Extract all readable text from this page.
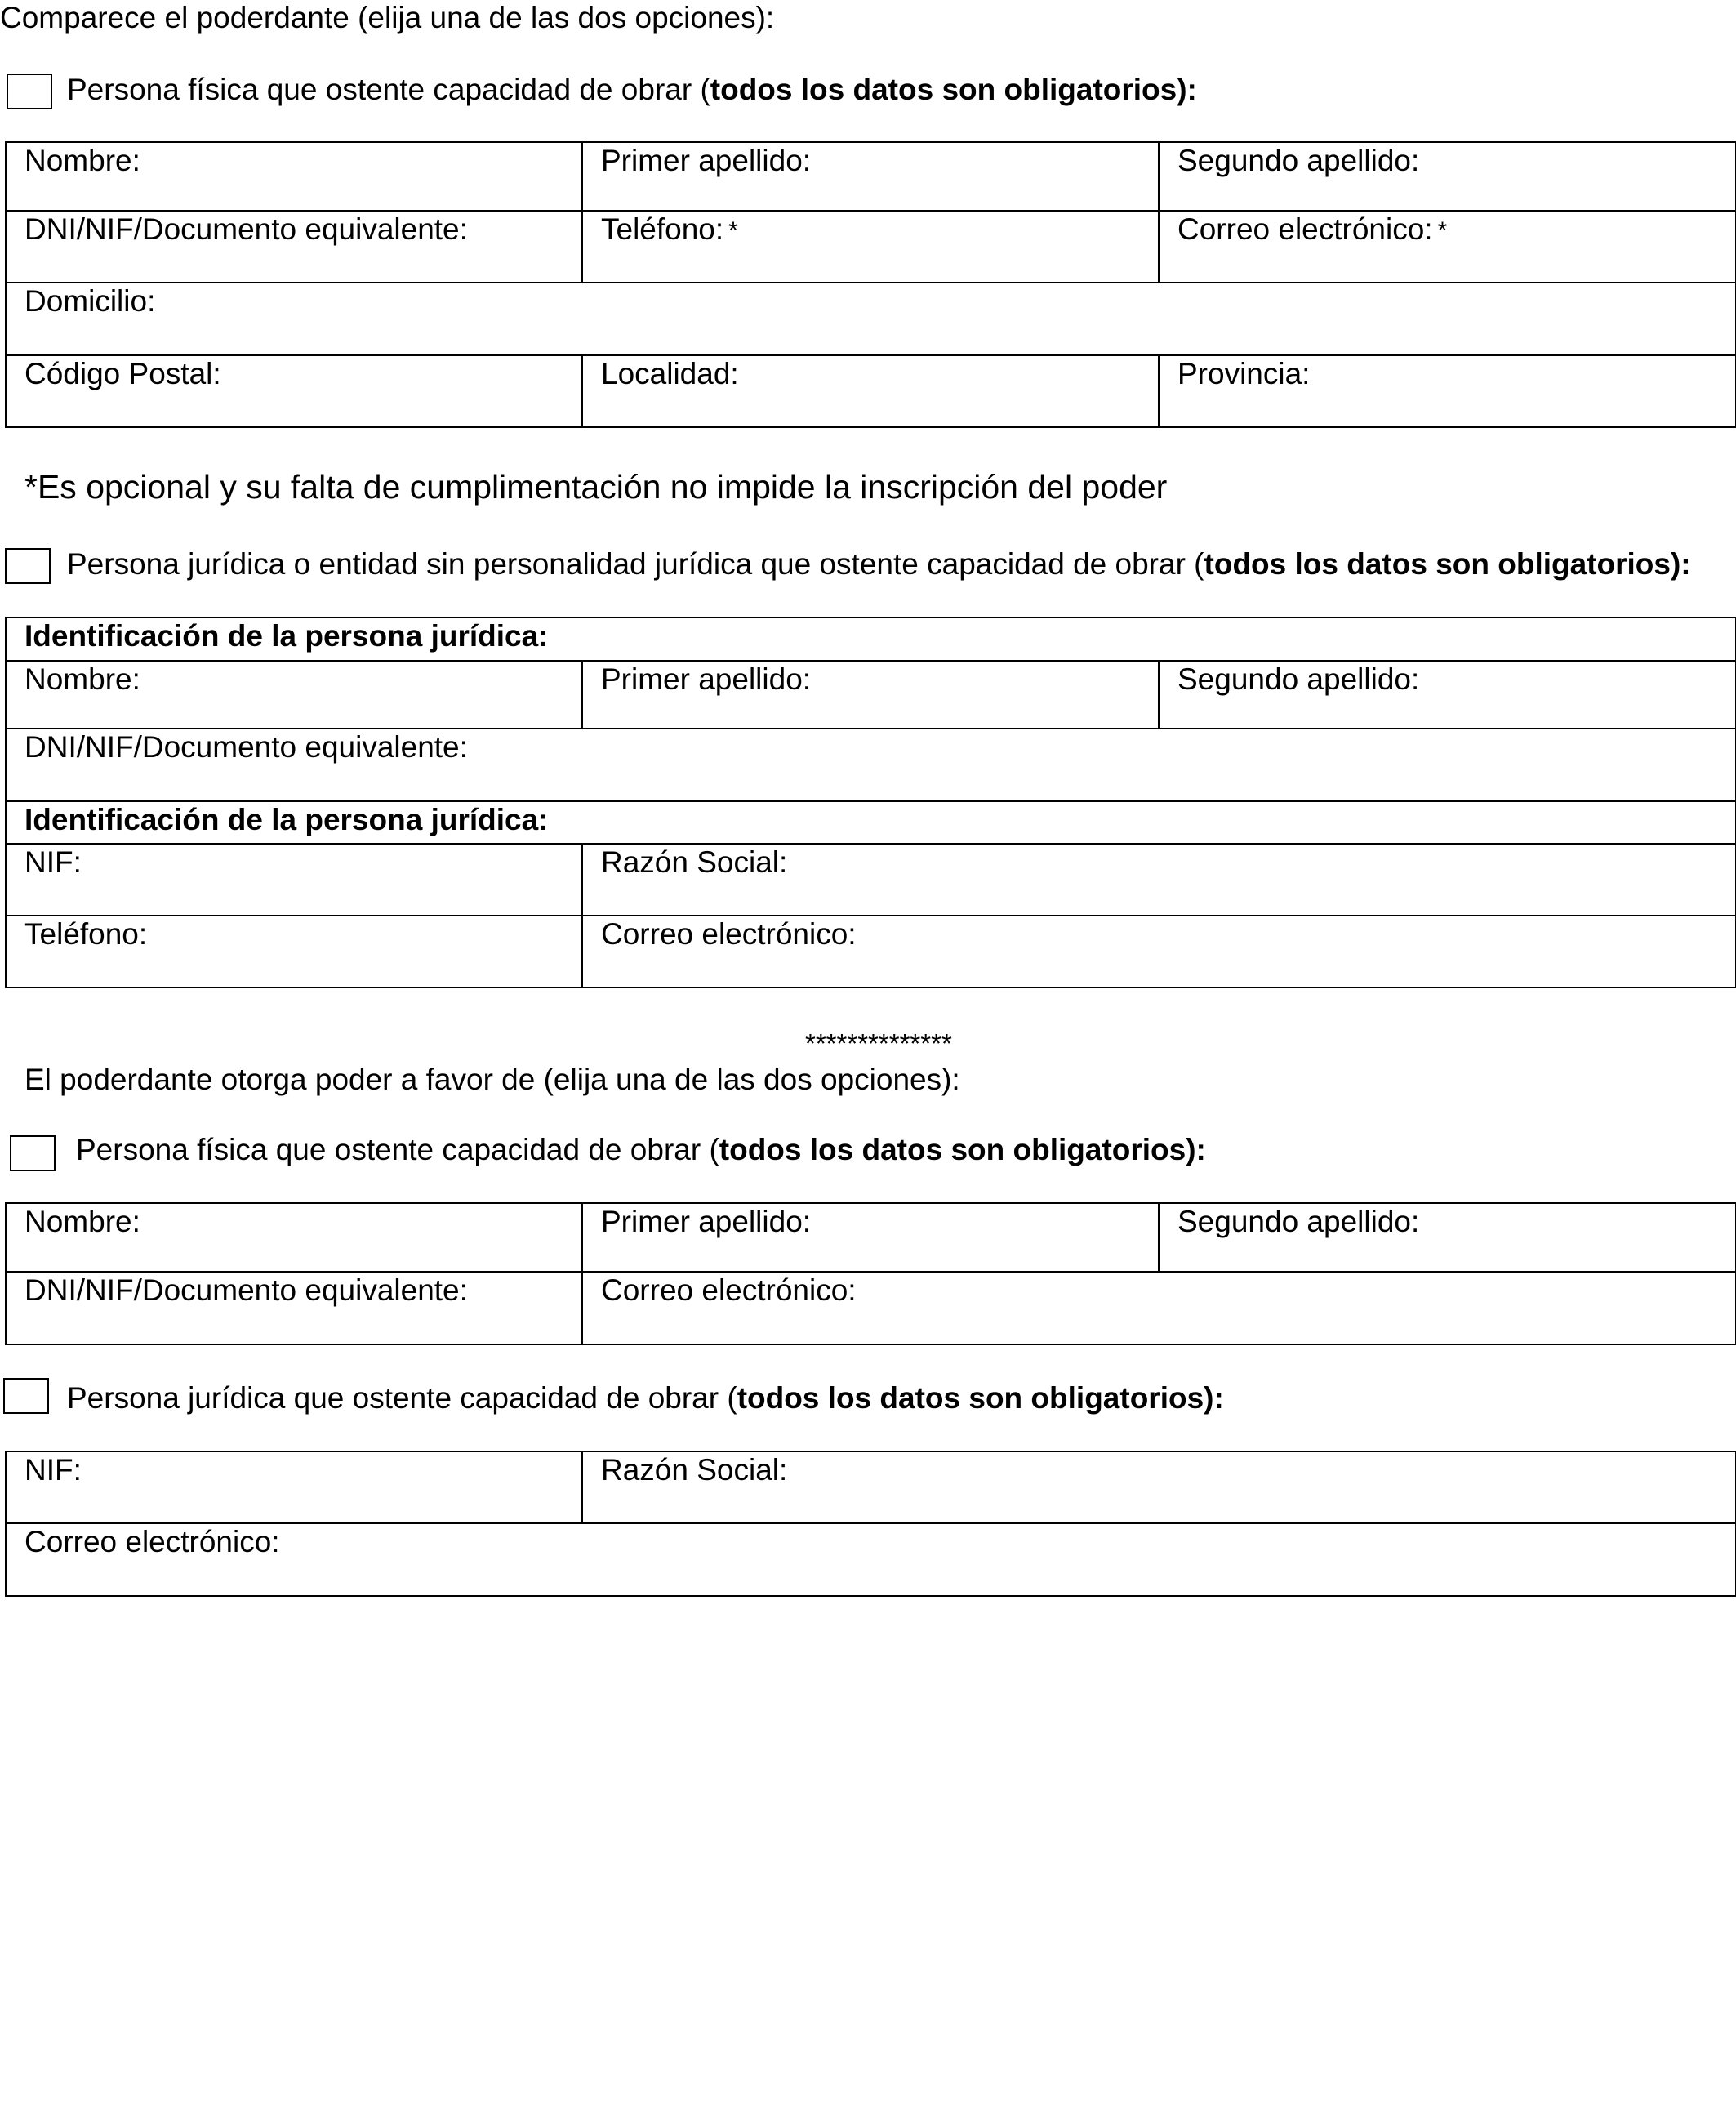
Comparece el poderdante (elija una de las dos opciones):
Persona física que ostente capacidad de obrar (todos los datos son obligatorios):
Nombre:	Primer apellido:	Segundo apellido:
DNI/NIF/Documento equivalente:	Teléfono: *	Correo electrónico: *
Domicilio:		
Código Postal:	Localidad:	Provincia:
*Es opcional y su falta de cumplimentación no impide la inscripción del poder
Persona jurídica o entidad sin personalidad jurídica que ostente capacidad de obrar (todos los datos son obligatorios):
Identificación de la persona jurídica:		
Nombre:	Primer apellido:	Segundo apellido:
DNI/NIF/Documento equivalente:		
Identificación de la persona jurídica:		
NIF:	Razón Social:	
Teléfono:	Correo electrónico:	
**************
El poderdante otorga poder a favor de (elija una de las dos opciones):
Persona física que ostente capacidad de obrar (todos los datos son obligatorios):
Nombre:	Primer apellido:	Segundo apellido:
DNI/NIF/Documento equivalente:	Correo electrónico:	
Persona jurídica que ostente capacidad de obrar (todos los datos son obligatorios):
NIF:	Razón Social:
Correo electrónico:
